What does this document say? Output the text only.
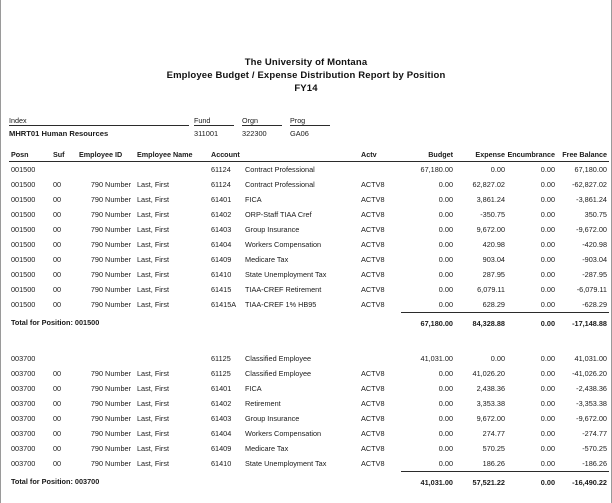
The University of Montana
Employee Budget / Expense Distribution Report by Position
FY14
Index		Fund		Orgn		Prog	
MHRT01 Human Resources		311001		322300		GA06	
Posn	Suf	Employee ID	Employee Name	Account		Actv	Budget	Expense	Encumbrance	Free Balance
001500				61124	Contract Professional		67,180.00	0.00	0.00	67,180.00
001500	00	790 Number	Last, First	61124	Contract Professional	ACTV8	0.00	62,827.02	0.00	-62,827.02
001500	00	790 Number	Last, First	61401	FICA	ACTV8	0.00	3,861.24	0.00	-3,861.24
001500	00	790 Number	Last, First	61402	ORP-Staff TIAA Cref	ACTV8	0.00	-350.75	0.00	350.75
001500	00	790 Number	Last, First	61403	Group Insurance	ACTV8	0.00	9,672.00	0.00	-9,672.00
001500	00	790 Number	Last, First	61404	Workers Compensation	ACTV8	0.00	420.98	0.00	-420.98
001500	00	790 Number	Last, First	61409	Medicare Tax	ACTV8	0.00	903.04	0.00	-903.04
001500	00	790 Number	Last, First	61410	State Unemployment Tax	ACTV8	0.00	287.95	0.00	-287.95
001500	00	790 Number	Last, First	61415	TIAA-CREF Retirement	ACTV8	0.00	6,079.11	0.00	-6,079.11
001500	00	790 Number	Last, First	61415A	TIAA-CREF 1% HB95	ACTV8	0.00	628.29	0.00	-628.29
Total for Position: 001500							67,180.00	84,328.88	0.00	-17,148.88

003700				61125	Classified Employee		41,031.00	0.00	0.00	41,031.00
003700	00	790 Number	Last, First	61125	Classified Employee	ACTV8	0.00	41,026.20	0.00	-41,026.20
003700	00	790 Number	Last, First	61401	FICA	ACTV8	0.00	2,438.36	0.00	-2,438.36
003700	00	790 Number	Last, First	61402	Retirement	ACTV8	0.00	3,353.38	0.00	-3,353.38
003700	00	790 Number	Last, First	61403	Group Insurance	ACTV8	0.00	9,672.00	0.00	-9,672.00
003700	00	790 Number	Last, First	61404	Workers Compensation	ACTV8	0.00	274.77	0.00	-274.77
003700	00	790 Number	Last, First	61409	Medicare Tax	ACTV8	0.00	570.25	0.00	-570.25
003700	00	790 Number	Last, First	61410	State Unemployment Tax	ACTV8	0.00	186.26	0.00	-186.26
Total for Position: 003700							41,031.00	57,521.22	0.00	-16,490.22
